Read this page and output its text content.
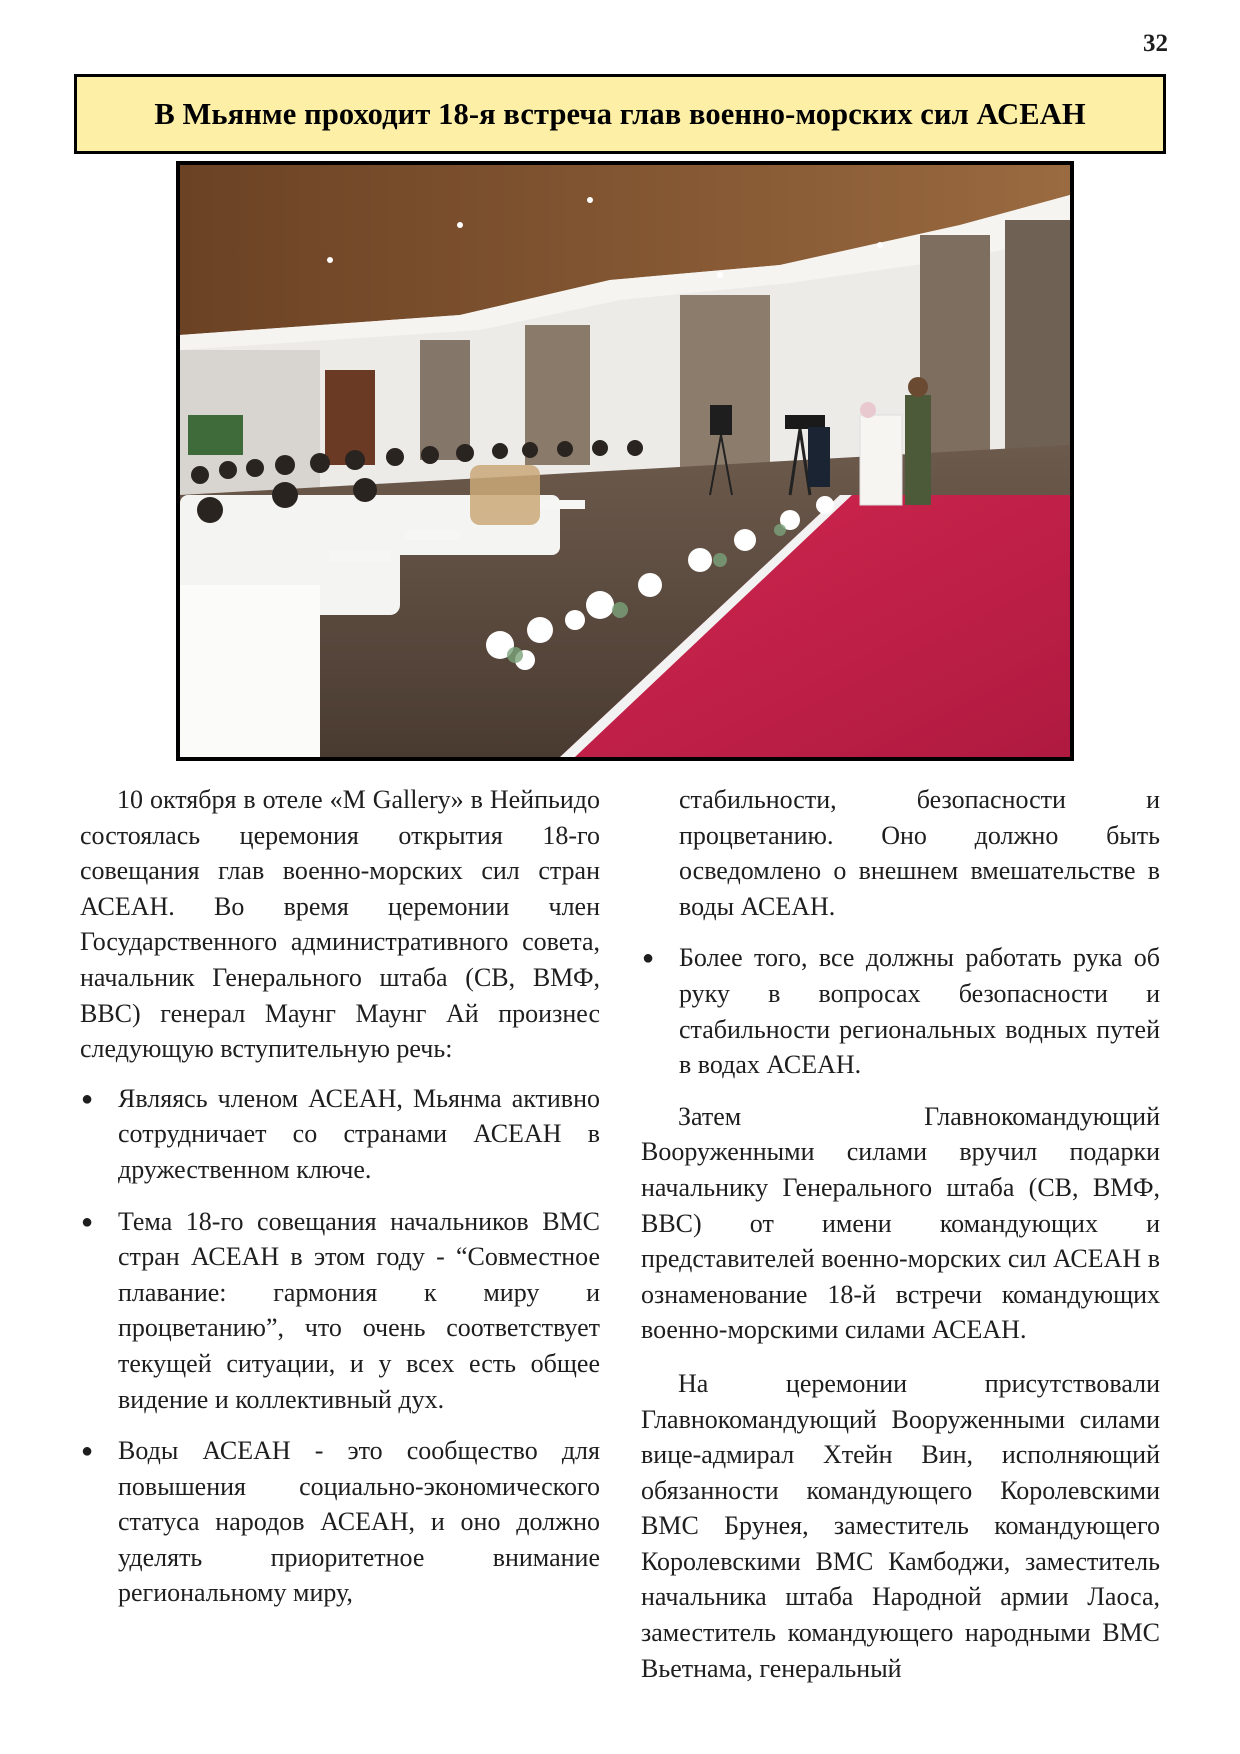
32
В Мьянме проходит 18-я встреча глав военно-морских сил АСЕАН

10 октября в отеле «M Gallery» в Нейпьидо состоялась церемония открытия 18-го совещания глав военно-морских сил стран АСЕАН. Во время церемонии член Государственного административного совета, начальник Генерального штаба (СВ, ВМФ, ВВС) генерал Маунг Маунг Ай произнес следующую вступительную речь:

● Являясь членом АСЕАН, Мьянма активно сотрудничает со странами АСЕАН в дружественном ключе.
● Тема 18-го совещания начальников ВМС стран АСЕАН в этом году - “Совместное плавание: гармония к миру и процветанию”, что очень соответствует текущей ситуации, и у всех есть общее видение и коллективный дух.
● Воды АСЕАН - это сообщество для повышения социально-экономического статуса народов АСЕАН, и оно должно уделять приоритетное внимание региональному миру,

стабильности, безопасности и процветанию. Оно должно быть осведомлено о внешнем вмешательстве в воды АСЕАН.

● Более того, все должны работать рука об руку в вопросах безопасности и стабильности региональных водных путей в водах АСЕАН.

Затем Главнокомандующий Вооруженными силами вручил подарки начальнику Генерального штаба (СВ, ВМФ, ВВС) от имени командующих и представителей военно-морских сил АСЕАН в ознаменование 18-й встречи командующих военно-морскими силами АСЕАН.

На церемонии присутствовали Главнокомандующий Вооруженными силами вице-адмирал Хтейн Вин, исполняющий обязанности командующего Королевскими ВМС Брунея, заместитель командующего Королевскими ВМС Камбоджи, заместитель начальника штаба Народной армии Лаоса, заместитель командующего народными ВМС Вьетнама, генеральный
